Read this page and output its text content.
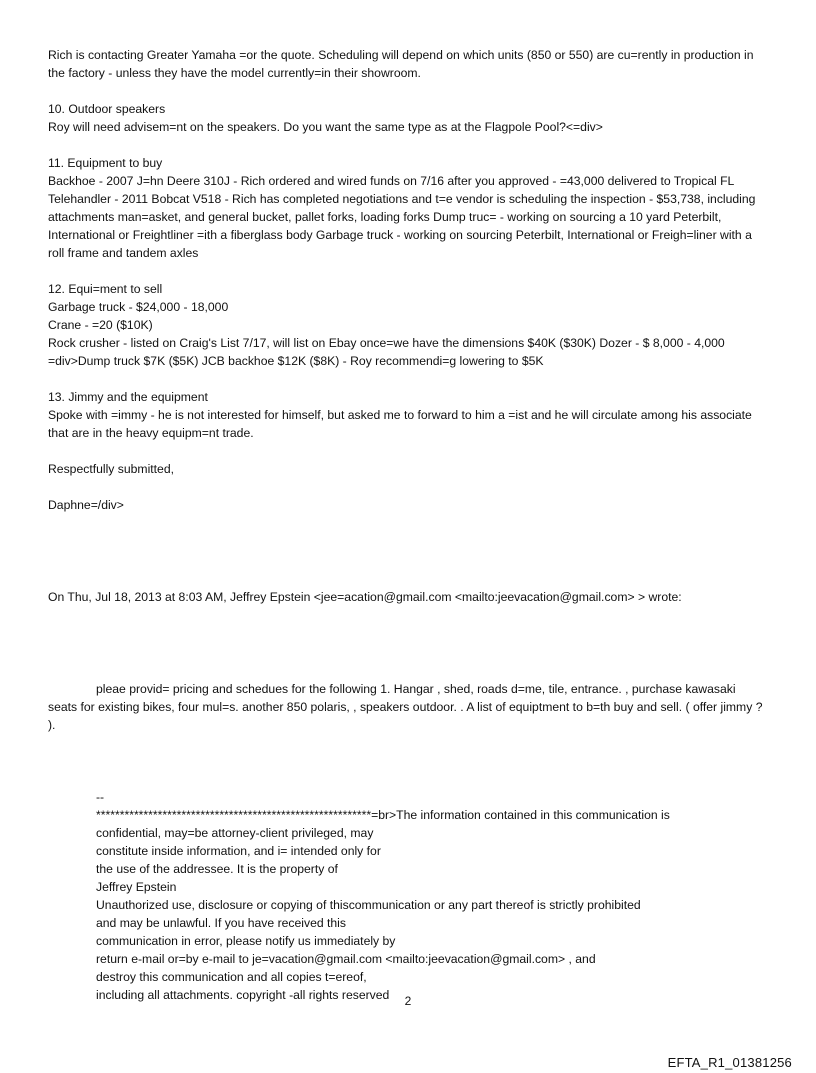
Rich is contacting Greater Yamaha =or the quote. Scheduling will depend on which units (850 or 550) are cu=rently in production in the factory - unless they have the model currently=in their showroom.

10. Outdoor speakers
Roy will need advisem=nt on the speakers. Do you want the same type as at the Flagpole Pool?<=div>
11. Equipment to buy
Backhoe - 2007 J=hn Deere 310J - Rich ordered and wired funds on 7/16 after you approved - =43,000 delivered to Tropical FL Telehandler - 2011 Bobcat V518 - Rich has completed negotiations and t=e vendor is scheduling the inspection - $53,738, including attachments man=asket, and general bucket, pallet forks, loading forks Dump truc= - working on sourcing a 10 yard Peterbilt, International or Freightliner =ith a fiberglass body Garbage truck - working on sourcing Peterbilt, International or Freigh=liner with a roll frame and tandem axles
12. Equi=ment to sell
Garbage truck - $24,000 - 18,000
Crane - =20 ($10K)
Rock crusher - listed on Craig's List 7/17, will list on Ebay once=we have the dimensions $40K ($30K) Dozer - $ 8,000 - 4,000 =div>Dump truck $7K ($5K) JCB backhoe $12K ($8K) - Roy recommendi=g lowering to $5K
13. Jimmy and the equipment
Spoke with =immy - he is not interested for himself, but asked me to forward to him a =ist and he will circulate among his associate that are in the heavy equipm=nt trade.

Respectfully submitted,

Daphne=/div>

On Thu, Jul 18, 2013 at 8:03 AM, Jeffrey Epstein <jee=acation@gmail.com <mailto:jeevacation@gmail.com> > wrote:

pleae provid= pricing and schedues for the following 1. Hangar , shed, roads d=me, tile, entrance. , purchase kawasaki seats for existing bikes, four mul=s. another 850 polaris, , speakers outdoor. . A list of equiptment to b=th buy and sell. ( offer jimmy ? ).

--
**********************************************************=br>The information contained in this communication is
confidential, may=be attorney-client privileged, may
constitute inside information, and i= intended only for
the use of the addressee. It is the property of
Jeffrey Epstein
Unauthorized use, disclosure or copying of thiscommunication or any part thereof is strictly prohibited
and may be unlawful. If you have received this
communication in error, please notify us immediately by
return e-mail or=by e-mail to je=vacation@gmail.com <mailto:jeevacation@gmail.com> , and
destroy this communication and all copies t=ereof,
including all attachments. copyright -all rights reserved	2
EFTA_R1_01381256
